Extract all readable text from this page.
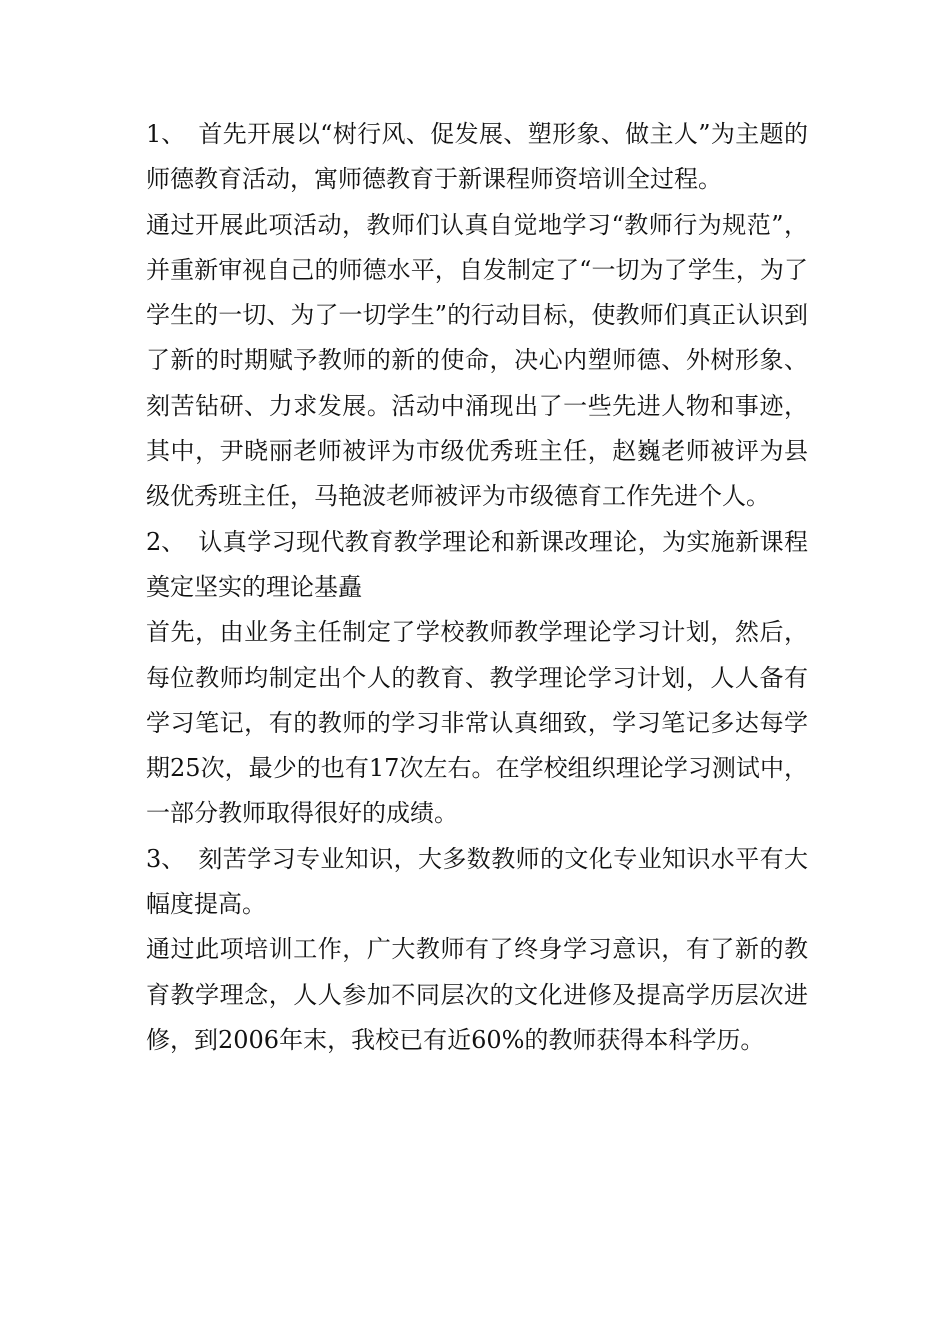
1、 首先开展以“树行风、促发展、塑形象、做主人”为主题的师德教育活动，寓师德教育于新课程师资培训全过程。

通过开展此项活动，教师们认真自觉地学习“教师行为规范”，并重新审视自己的师德水平，自发制定了“一切为了学生，为了学生的一切、为了一切学生”的行动目标，使教师们真正认识到了新的时期赋予教师的新的使命，决心内塑师德、外树形象、刻苦钻研、力求发展。活动中涌现出了一些先进人物和事迹，其中，尹晓丽老师被评为市级优秀班主任，赵巍老师被评为县级优秀班主任，马艳波老师被评为市级德育工作先进个人。

2、 认真学习现代教育教学理论和新课改理论，为实施新课程奠定坚实的理论基矗

首先，由业务主任制定了学校教师教学理论学习计划，然后，每位教师均制定出个人的教育、教学理论学习计划，人人备有学习笔记，有的教师的学习非常认真细致，学习笔记多达每学期25次，最少的也有17次左右。在学校组织理论学习测试中，一部分教师取得很好的成绩。

3、 刻苦学习专业知识，大多数教师的文化专业知识水平有大幅度提高。

通过此项培训工作，广大教师有了终身学习意识，有了新的教育教学理念，人人参加不同层次的文化进修及提高学历层次进修，到2006年末，我校已有近60%的教师获得本科学历。
